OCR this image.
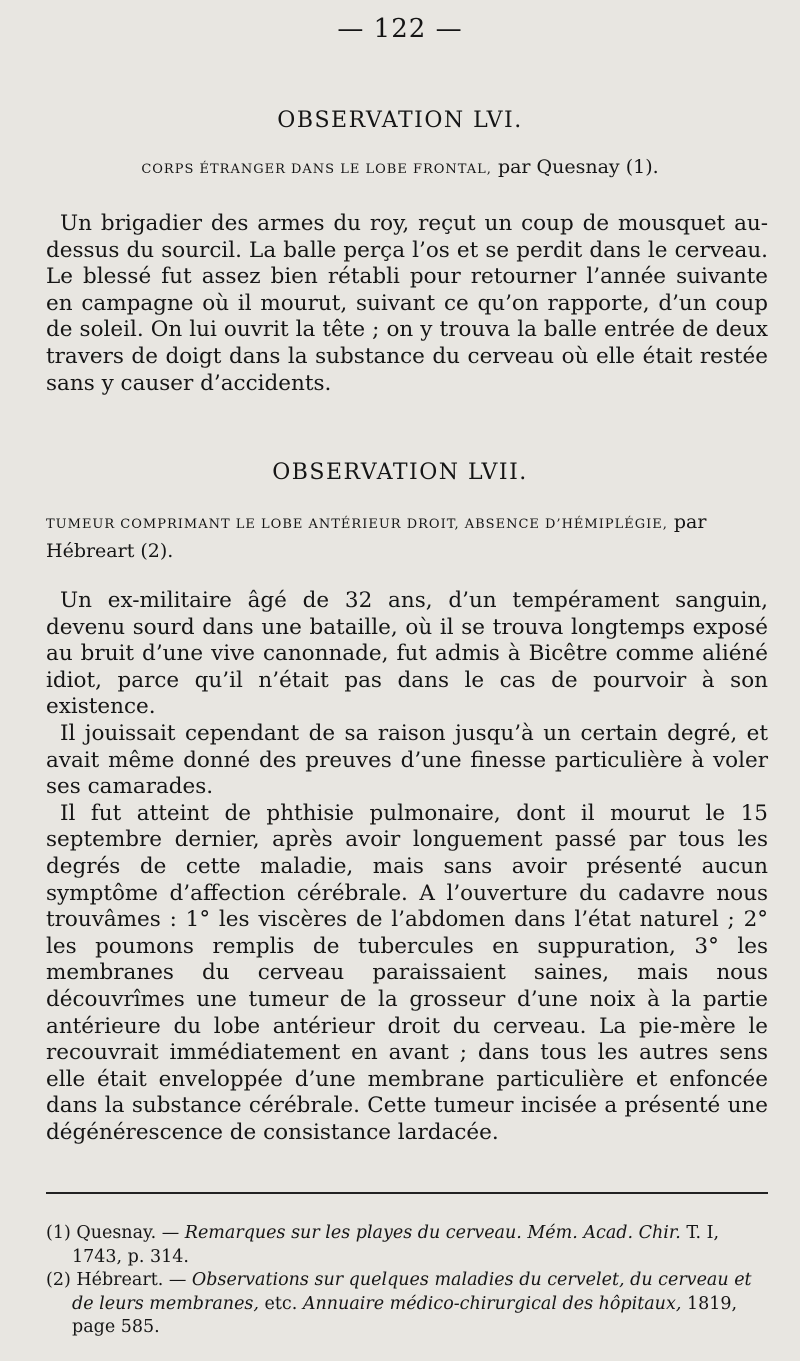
— 122 —
OBSERVATION LVI.
CORPS ÉTRANGER DANS LE LOBE FRONTAL, par Quesnay (1).

Un brigadier des armes du roy, reçut un coup de mousquet au-dessus du sourcil. La balle perça l’os et se perdit dans le cerveau. Le blessé fut assez bien rétabli pour retourner l’année suivante en campagne où il mourut, suivant ce qu’on rapporte, d’un coup de soleil. On lui ouvrit la tête ; on y trouva la balle entrée de deux travers de doigt dans la substance du cerveau où elle était restée sans y causer d’accidents.

OBSERVATION LVII.
TUMEUR COMPRIMANT LE LOBE ANTÉRIEUR DROIT, ABSENCE D’HÉMIPLÉGIE, par Hébreart (2).

Un ex-militaire âgé de 32 ans, d’un tempérament sanguin, devenu sourd dans une bataille, où il se trouva longtemps exposé au bruit d’une vive canonnade, fut admis à Bicêtre comme aliéné idiot, parce qu’il n’était pas dans le cas de pourvoir à son existence.

Il jouissait cependant de sa raison jusqu’à un certain degré, et avait même donné des preuves d’une finesse particulière à voler ses camarades.

Il fut atteint de phthisie pulmonaire, dont il mourut le 15 septembre dernier, après avoir longuement passé par tous les degrés de cette maladie, mais sans avoir présenté aucun symptôme d’affection cérébrale. A l’ouverture du cadavre nous trouvâmes : 1° les viscères de l’abdomen dans l’état naturel ; 2° les poumons remplis de tubercules en suppuration, 3° les membranes du cerveau paraissaient saines, mais nous découvrîmes une tumeur de la grosseur d’une noix à la partie antérieure du lobe antérieur droit du cerveau. La pie-mère le recouvrait immédiatement en avant ; dans tous les autres sens elle était enveloppée d’une membrane particulière et enfoncée dans la substance cérébrale. Cette tumeur incisée a présenté une dégénérescence de consistance lardacée.

(1) Quesnay. — Remarques sur les playes du cerveau. Mém. Acad. Chir. T. I, 1743, p. 314.

(2) Hébreart. — Observations sur quelques maladies du cervelet, du cerveau et de leurs membranes, etc. Annuaire médico-chirurgical des hôpitaux, 1819, page 585.
